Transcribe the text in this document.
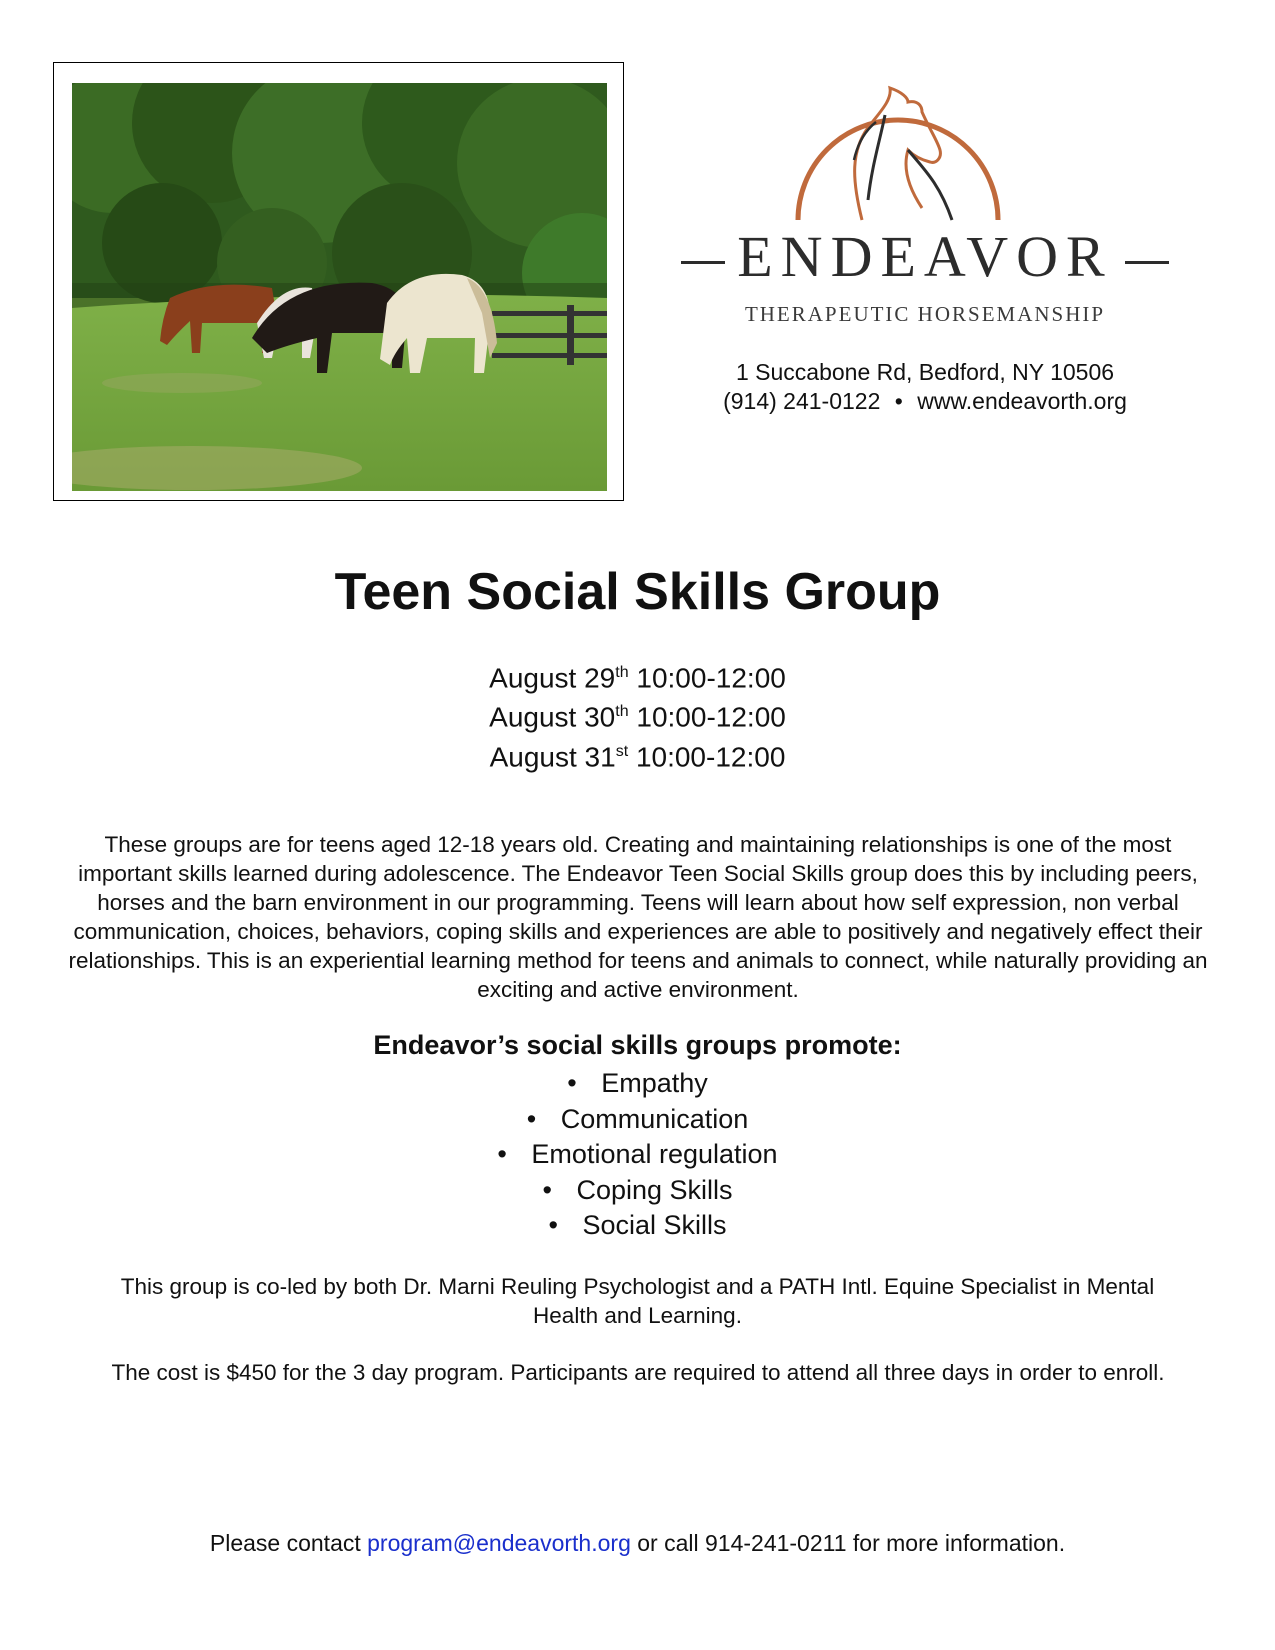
ENDEAVOR
THERAPEUTIC HORSEMANSHIP
1 Succabone Rd, Bedford, NY 10506
(914) 241-0122 • www.endeavorth.org
Teen Social Skills Group
August 29th 10:00-12:00
August 30th 10:00-12:00
August 31st 10:00-12:00
These groups are for teens aged 12-18 years old. Creating and maintaining relationships is one of the most important skills learned during adolescence. The Endeavor Teen Social Skills group does this by including peers, horses and the barn environment in our programming. Teens will learn about how self expression, non verbal communication, choices, behaviors, coping skills and experiences are able to positively and negatively effect their relationships. This is an experiential learning method for teens and animals to connect, while naturally providing an exciting and active environment.
Endeavor’s social skills groups promote:
• Empathy
• Communication
• Emotional regulation
• Coping Skills
• Social Skills
This group is co-led by both Dr. Marni Reuling Psychologist and a PATH Intl. Equine Specialist in Mental Health and Learning.
The cost is $450 for the 3 day program. Participants are required to attend all three days in order to enroll.
Please contact program@endeavorth.org or call 914-241-0211 for more information.
